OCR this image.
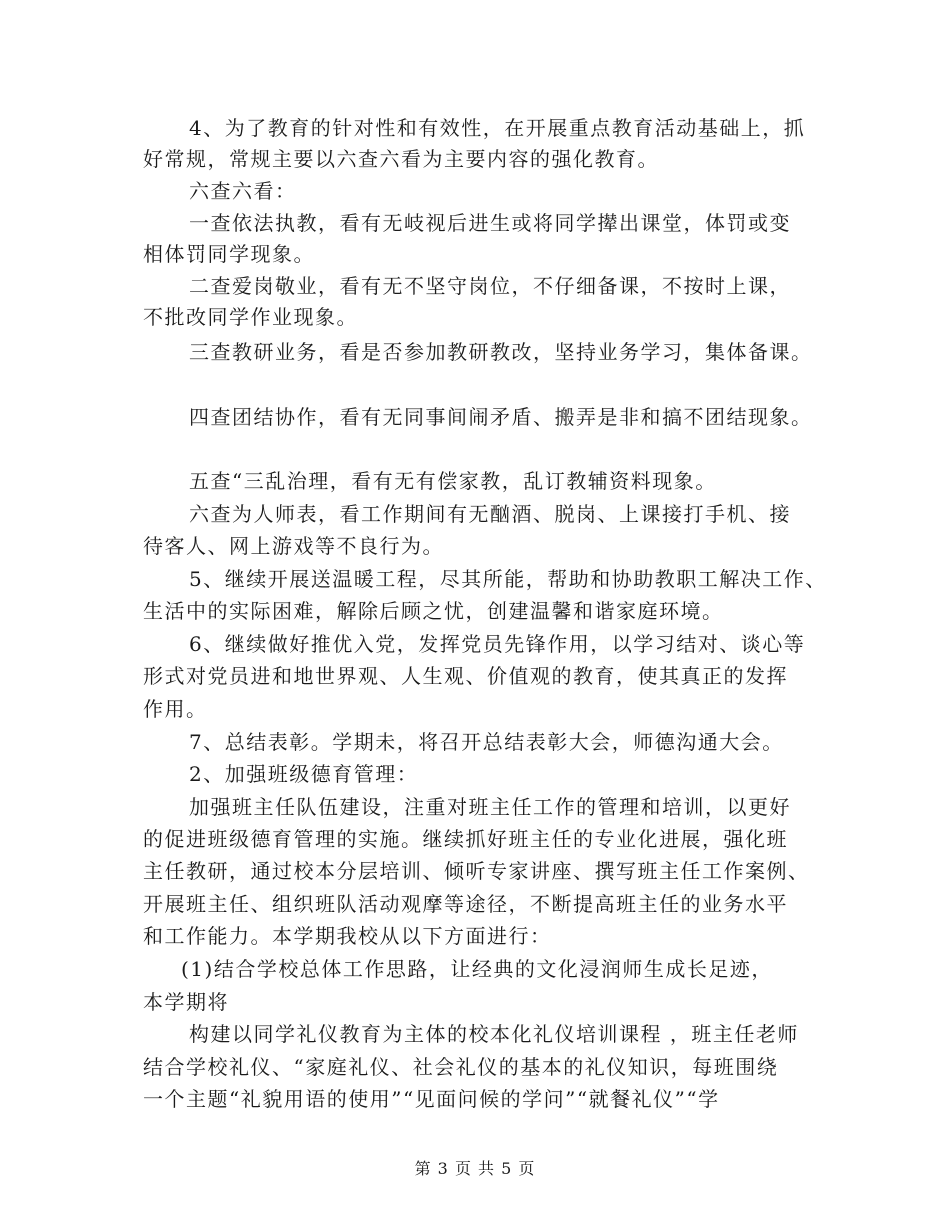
4、为了教育的针对性和有效性，在开展重点教育活动基础上，抓
好常规，常规主要以六查六看为主要内容的强化教育。
六查六看：
一查依法执教，看有无岐视后进生或将同学撵出课堂，体罚或变
相体罚同学现象。
二查爱岗敬业，看有无不坚守岗位，不仔细备课，不按时上课，
不批改同学作业现象。
三查教研业务，看是否参加教研教改，坚持业务学习，集体备课。
四查团结协作，看有无同事间闹矛盾、搬弄是非和搞不团结现象。
五查“三乱治理，看有无有偿家教，乱订教辅资料现象。
六查为人师表，看工作期间有无酗酒、脱岗、上课接打手机、接
待客人、网上游戏等不良行为。
5、继续开展送温暖工程，尽其所能，帮助和协助教职工解决工作、
生活中的实际困难，解除后顾之忧，创建温馨和谐家庭环境。
6、继续做好推优入党，发挥党员先锋作用，以学习结对、谈心等
形式对党员进和地世界观、人生观、价值观的教育，使其真正的发挥
作用。
7、总结表彰。学期未，将召开总结表彰大会，师德沟通大会。
2、加强班级德育管理：
加强班主任队伍建设，注重对班主任工作的管理和培训，以更好
的促进班级德育管理的实施。继续抓好班主任的专业化进展，强化班
主任教研，通过校本分层培训、倾听专家讲座、撰写班主任工作案例、
开展班主任、组织班队活动观摩等途径，不断提高班主任的业务水平
和工作能力。本学期我校从以下方面进行：
(1)结合学校总体工作思路，让经典的文化浸润师生成长足迹，
本学期将
构建以同学礼仪教育为主体的校本化礼仪培训课程 ，班主任老师
结合学校礼仪、“家庭礼仪、社会礼仪的基本的礼仪知识，每班围绕
一个主题“礼貌用语的使用”“见面问候的学问”“就餐礼仪”“学
第 3 页 共 5 页
